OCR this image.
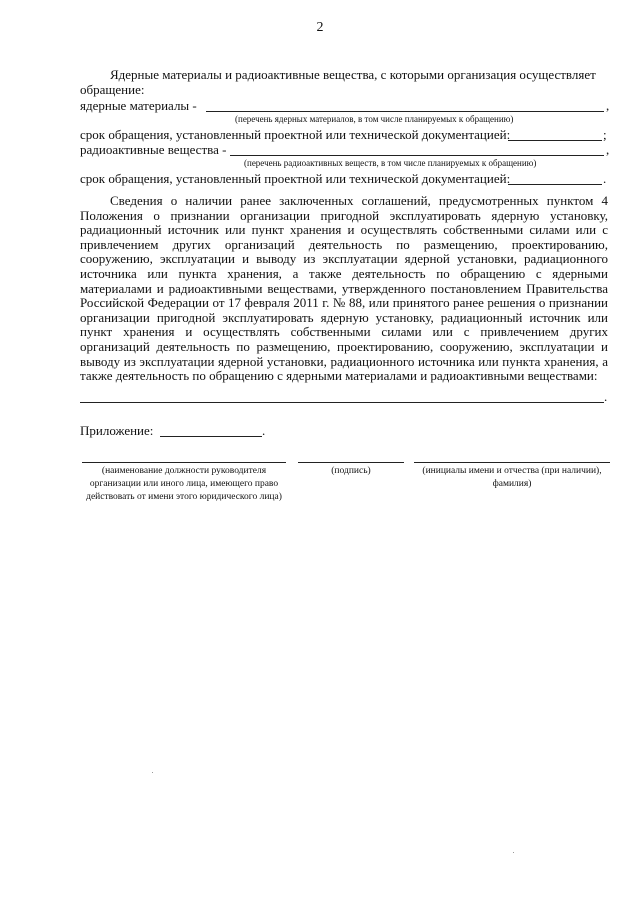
2
Ядерные материалы и радиоактивные вещества, с которыми организация осуществляет
обращение:
ядерные материалы -	,
(перечень ядерных материалов, в том числе планируемых к обращению)
срок обращения, установленный проектной или технической документацией:	;
радиоактивные вещества -	,
(перечень радиоактивных веществ, в том числе планируемых к обращению)
срок обращения, установленный проектной или технической документацией:	.
Сведения о наличии ранее заключенных соглашений, предусмотренных пунктом 4 Положения о признании организации пригодной эксплуатировать ядерную установку, радиационный источник или пункт хранения и осуществлять собственными силами или с привлечением других организаций деятельность по размещению, проектированию, сооружению, эксплуатации и выводу из эксплуатации ядерной установки, радиационного источника или пункта хранения, а также деятельность по обращению с ядерными материалами и радиоактивными веществами, утвержденного постановлением Правительства Российской Федерации от 17 февраля 2011 г. № 88, или принятого ранее решения о признании организации пригодной эксплуатировать ядерную установку, радиационный источник или пункт хранения и осуществлять собственными силами или с привлечением других организаций деятельность по размещению, проектированию, сооружению, эксплуатации и выводу из эксплуатации ядерной установки, радиационного источника или пункта хранения, а также деятельность по обращению с ядерными материалами и радиоактивными веществами:
.
Приложение:	.
(наименование должности руководителя организации или иного лица, имеющего право действовать от имени этого юридического лица)
(подпись)	(инициалы имени и отчества (при наличии), фамилия)
